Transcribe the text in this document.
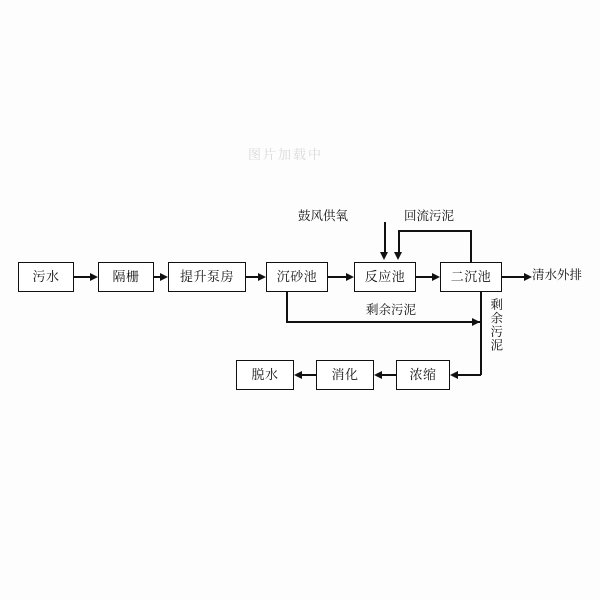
图片加载中
污水	隔栅	提升泵房	沉砂池	反应池	二沉池
浓缩
消化
脱水
鼓风供氧	回流污泥
清水外排
剩余污泥	剩余污泥
